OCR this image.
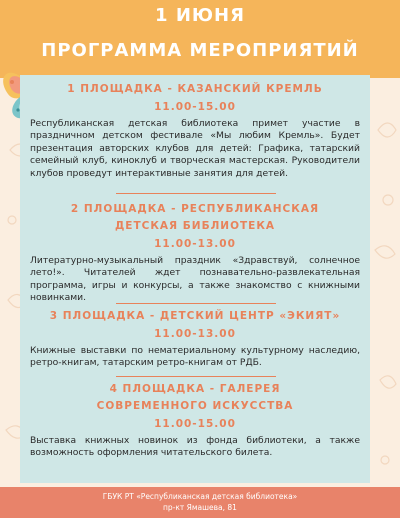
1 ИЮНЯ
ПРОГРАММА МЕРОПРИЯТИЙ
1 ПЛОЩАДКА - КАЗАНСКИЙ КРЕМЛЬ
11.00-15.00
Республиканская детская библиотека примет участие в праздничном детском фестивале «Мы любим Кремль». Будет презентация авторских клубов для детей: Графика, татарский семейный клуб, киноклуб и творческая мастерская. Руководители клубов проведут интерактивные занятия для детей.
2 ПЛОЩАДКА - РЕСПУБЛИКАНСКАЯ
ДЕТСКАЯ БИБЛИОТЕКА
11.00-13.00
Литературно-музыкальный праздник «Здравствуй, солнечное лето!». Читателей ждет познавательно-развлекательная программа, игры и конкурсы, а также знакомство с книжными новинками.
3 ПЛОЩАДКА - ДЕТСКИЙ ЦЕНТР «ЭКИЯТ»
11.00-13.00
Книжные выставки по нематериальному культурному наследию, ретро-книгам, татарским ретро-книгам от РДБ.
4 ПЛОЩАДКА - ГАЛЕРЕЯ
СОВРЕМЕННОГО ИСКУССТВА
11.00-15.00
Выставка книжных новинок из фонда библиотеки, а также возможность оформления читательского билета.
ГБУК РТ «Республиканская детская библиотека»
пр-кт Ямашева, 81
